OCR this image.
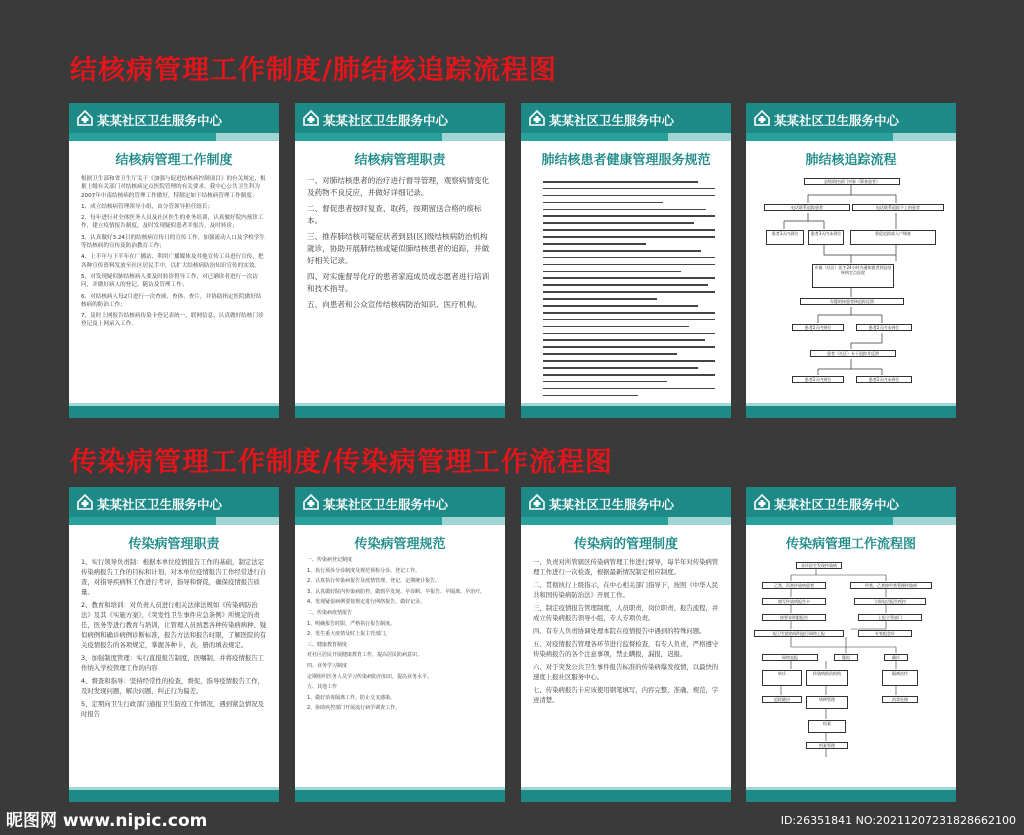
结核病管理工作制度/肺结核追踪流程图
传染病管理工作制度/传染病管理工作流程图
某某社区卫生服务中心
结核病管理工作制度

根据卫生部和省卫生厅关于《加强与促进结核病控制项目》的有关规定，根据上级有关部门对结核病定点医院管理的有关要求，我中心公共卫生科为2007年中南结核病的管理工作做好，特制定如下结核病管理工作制度：

1、成立结核病管理领导小组，由分管领导担任组长；

2、每年进行对全体医务人员及社区医生的业务培训，认真做好院内预诊工作，建立疫情报告制度，及时发现疑似患者并报告，及时转诊；

3、认真做好3.24日的结核病宣传日的宣传工作，加强流动人口及学校学生等结核病的宣传及防治教育工作；

4、上半年与下半年在广播站、利用广播媒体及其他宣传工具进行宣传，把各种宣传资料发放至社区居民手中，以扩大结核病防治知识宣传的实效。

5、对发现疑似肺结核病人要及时转诊督导工作，对已确诊者进行一次访问，并做好病人的登记、随访及管理工作；

6、对结核病人每2月进行一次查痰、查体、查片，并协助指定医院做好结核病的防治工作；

7、及时上网报告结核病传染卡登记表统一，联网信息，认真做好结核门诊登记及上网录入工作。

某某社区卫生服务中心
结核病管理职责

一、对肺结核患者的治疗进行督导管理，观察病情变化及药物不良反应，并做好详细记录。

二、督促患者按时复查、取药，按期留送合格的痰标本。

三、推荐肺结核可疑症状者到县(区)级结核病防治机构就诊，协助开展肺结核或疑似肺结核患者的追踪，并做好相关记录。

四、对实施督导化疗的患者家庭成员或志愿者进行培训和技术指导。

五、向患者和公众宣传结核病防治知识、医疗机构。

某某社区卫生服务中心
肺结核患者健康管理服务规范
某某社区卫生服务中心
肺结核追踪流程
县级防控部门对象（筛查患者）
电话联系追踪患者	电话联系追踪不上的患者
患者3天内到位	患者3天内未到位	督促追踪或入户调查
乡镇（社区）医生24小时内通知患者到县结核病定点医院
存疑的按患者核追踪反馈
患者2天内到位	患者2天内未到位
患者（社区）专干追踪并反馈
患者2天内到位	患者2天内未到位
某某社区卫生服务中心
传染病管理职责

1、实行领导负责制：根据本单位疫情报告工作的基础，制定法定传染病报告工作的目标和计划，对本单位疫情报告工作经常进行自查，对指导疾病科工作进行考评，指导和督促，确保疫情报告质量。

2、教育和培训：对负责人员进行相关法律法规如《传染病防治法》及其《实施方案》，《突发性卫生事件应急条例》所规定的责任，医务等进行教育与培训，让管理人员熟悉各种传染病病种、疑似病例和确诊病例诊断标准，报告方法和报告时限，了解医院的有关疫情报告的各项规定，掌握各种卡，表，册的填表规定。

3、加强制度管理：实行直报报告制度，医嘱制，并将疫情报告工作纳入学校管理工作的内容

4、督查和指导：坚持经常性的检查，督促，指导疫情报告工作，及时发现问题，解决问题，纠正行为偏差。

5、定期向卫生行政部门通报卫生防疫工作情况，遇到紧急情况及时报告

某某社区卫生服务中心
传染病管理规范

一、传染病登记制度

1、执行预诊分诊制度及规范预检分诊，登记工作。

2、认真执行传染病报告及疫情管理，登记，定期统计报告。

3、认真做好院内传染病防控，做到早发现、早诊断、早报告、早隔离、早治疗。

4、发现疑似病例要按规定进行网络报告，做好记录。

二、传染病疫情报告

1、明确报告时限，严格执行报告制度。

2、发生重大疫情及时上报主管部门。

三、健康教育制度

对社区居民开展健康教育工作，提高居民防病意识。

四、业务学习制度

定期组织医务人员学习传染病防治知识，提高业务水平。

五、其他工作

1、做好消毒隔离工作，防止交叉感染。

2、协助疾控部门开展流行病学调查工作。

某某社区卫生服务中心
传染病的管理制度

一、负责对所管辖区传染病管理工作进行督导，每半年对传染病管理工作进行一次检查，根据最新情况制定相应制度。

二、贯彻执行上级指示，在中心相关部门指导下，按照《中华人民共和国传染病防治法》开展工作。

三、制定疫情报告管理制度，人员职责，岗位职责、报告流程，并成立传染病报告领导小组，专人专项负责。

四、有专人负责协调处理本院在疫情报告中遇到的特殊问题。

五、对疫情报告管理各环节进行监督检查，有专人负责，严格遵守传染病报告的各个注意事项，禁止瞒报，漏报，迟报。

六、对于突发公共卫生事件报告标准的传染病爆发疫情，以最快的速度上报社区服务中心。

七、传染病报告卡应该使用钢笔填写，内容完整、准确、规范，字迹清楚。

某某社区卫生服务中心
传染病管理工作流程图
首诊医生发现传染病
乙类、丙类传染病患者	甲类、乙类按甲类管理传染病
填写传染病报告卡	立即电话报告疾控
按要求时限报告	上报主管部门
报卫生院防保科进行网络上报	专家组会诊
网络直报	疑似	确诊
转诊	传染病防治机构	隔离治疗
追踪随访	病例管理	消毒处理
结案
档案管理
昵图网 www.nipic.com	ID:26351841 NO:20211207231828662100
